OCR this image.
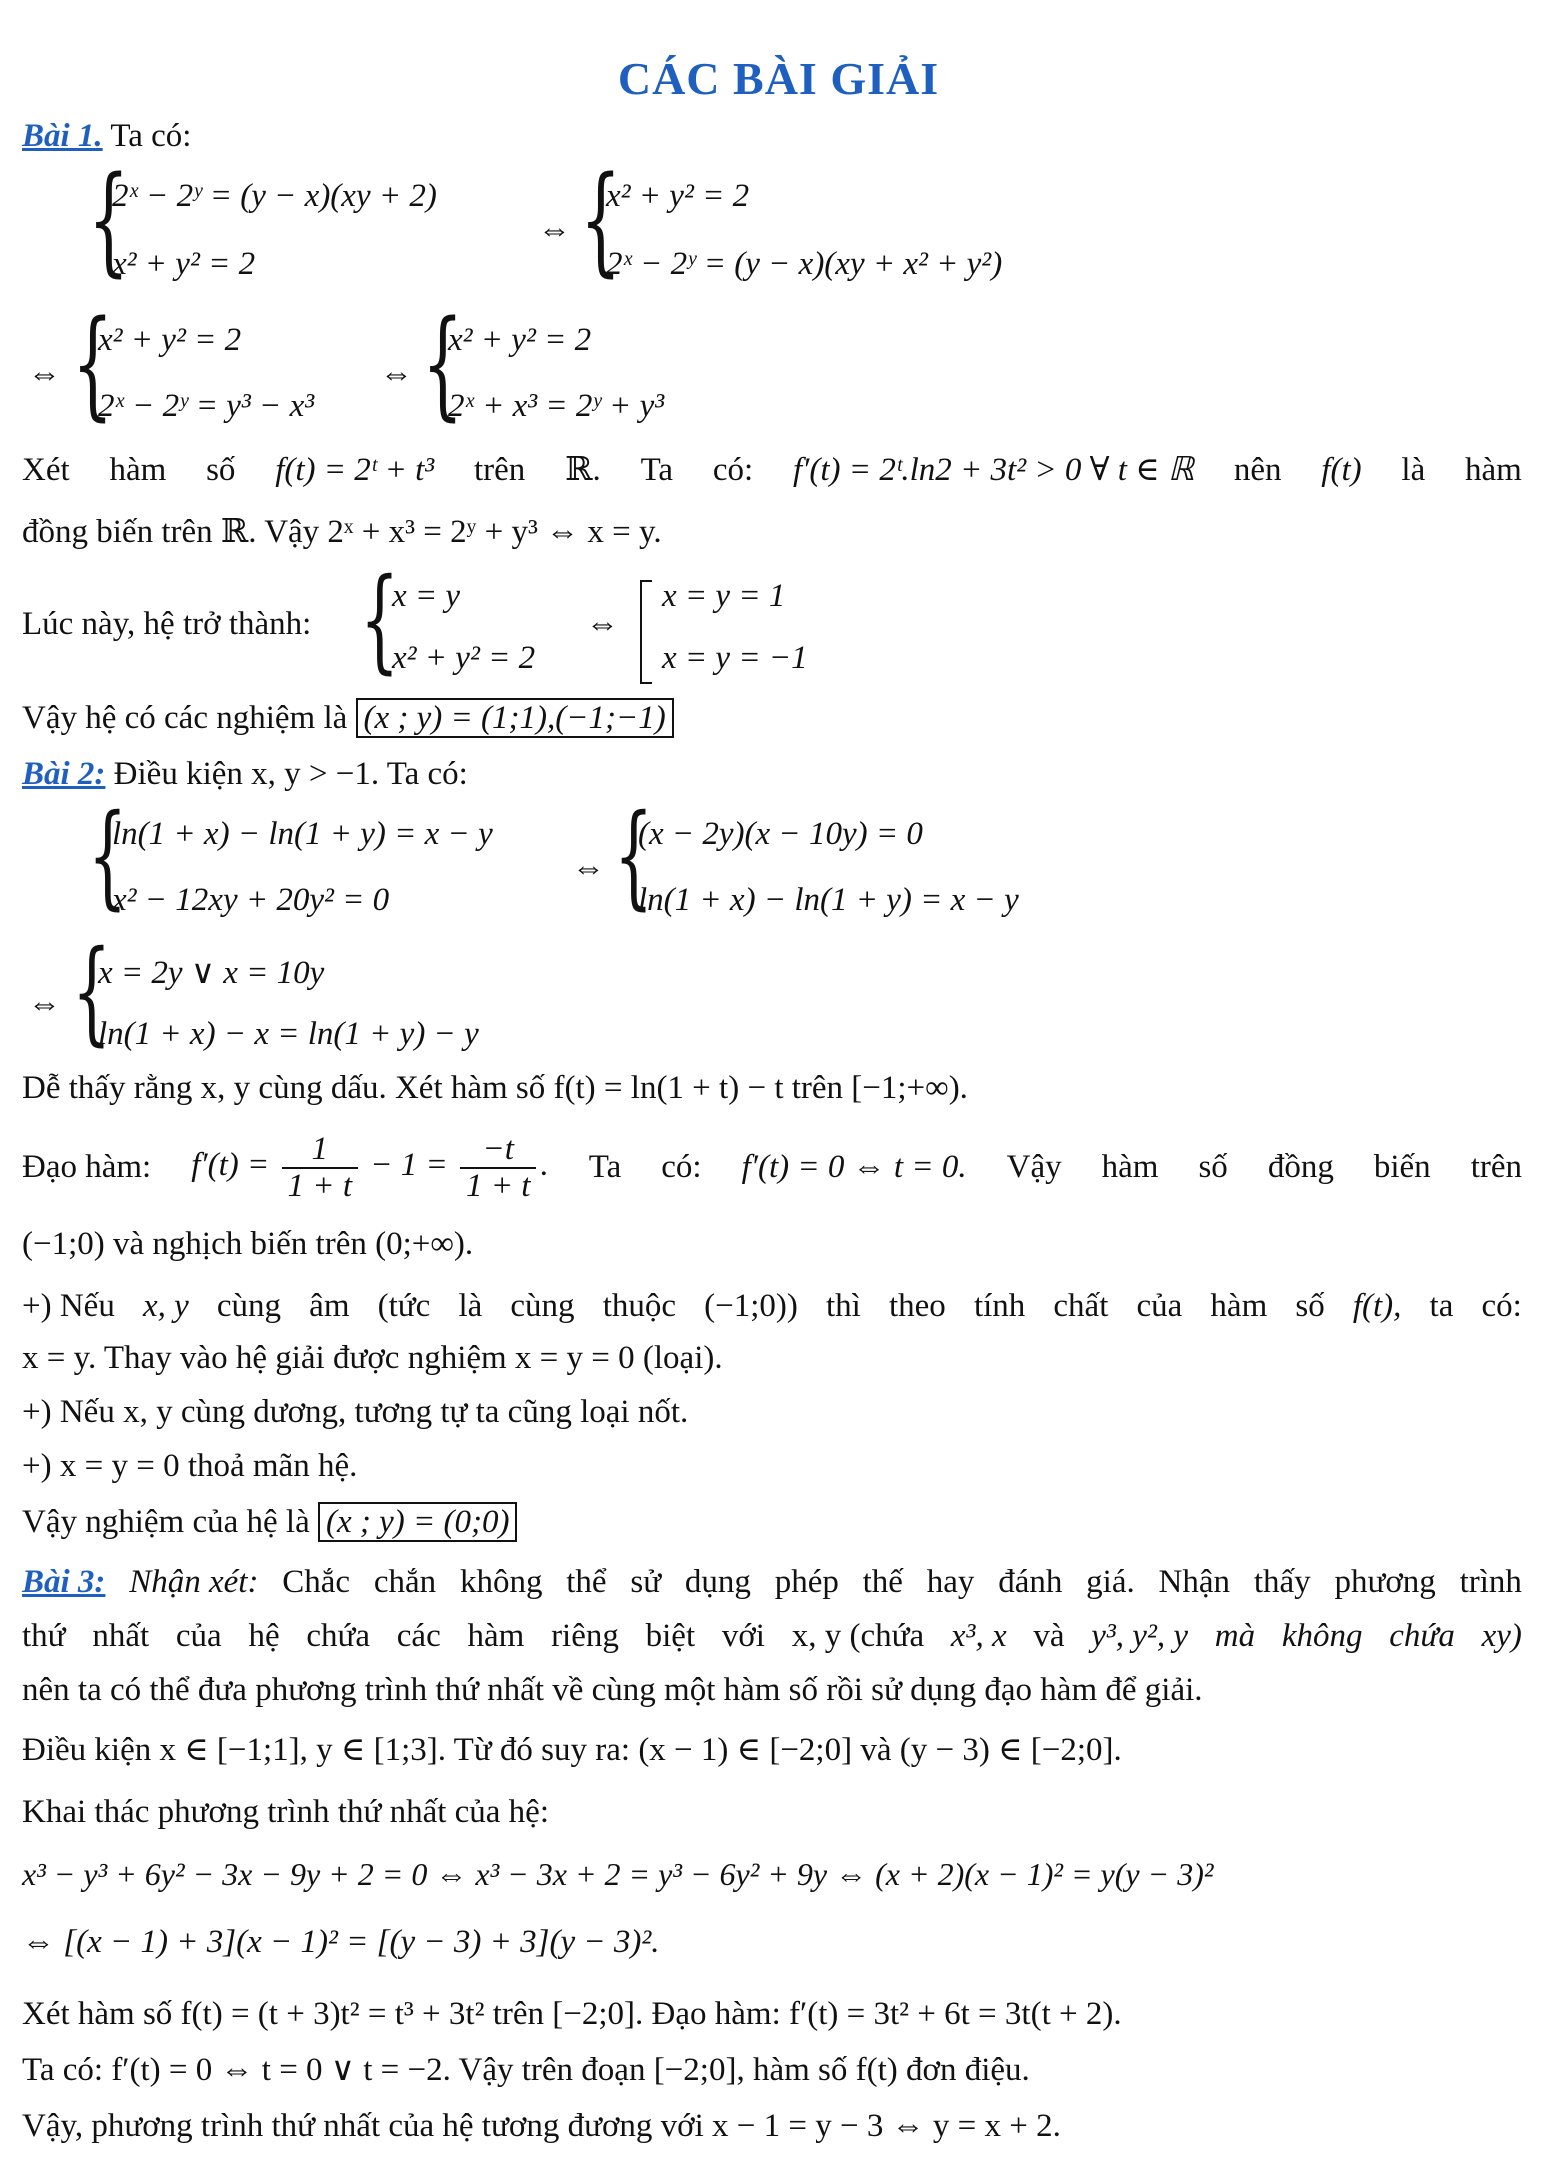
CÁC BÀI GIẢI
Bài 1. Ta có:
{
2ˣ − 2ʸ = (y − x)(xy + 2)
x² + y² = 2
⇔ {
x² + y² = 2
2ˣ − 2ʸ = (y − x)(xy + x² + y²)
⇔ {
x² + y² = 2
2ˣ − 2ʸ = y³ − x³
⇔ {
x² + y² = 2
2ˣ + x³ = 2ʸ + y³
Xét hàm số f(t) = 2ᵗ + t³ trên ℝ. Ta có: f′(t) = 2ᵗ.ln2 + 3t² > 0 ∀ t ∈ ℝ nên f(t) là hàm
đồng biến trên ℝ. Vậy 2ˣ + x³ = 2ʸ + y³ ⇔ x = y.
Lúc này, hệ trở thành: {
x = y
x² + y² = 2
⇔
x = y = 1
x = y = −1
Vậy hệ có các nghiệm là (x ; y) = (1;1),(−1;−1)
Bài 2: Điều kiện x, y > −1. Ta có:
{
ln(1 + x) − ln(1 + y) = x − y
x² − 12xy + 20y² = 0
⇔ {
(x − 2y)(x − 10y) = 0
ln(1 + x) − ln(1 + y) = x − y
⇔ {
x = 2y ∨ x = 10y
ln(1 + x) − x = ln(1 + y) − y
Dễ thấy rằng x, y cùng dấu. Xét hàm số f(t) = ln(1 + t) − t trên [−1;+∞).
Đạo hàm: $f'(t) = \frac{1}{1 + t} - 1 = \frac{-t}{1 + t}$ . Ta có: f′(t) = 0 ⇔ t = 0. Vậy hàm số đồng biến trên
(−1;0) và nghịch biến trên (0;+∞).
+) Nếu x, y cùng âm (tức là cùng thuộc (−1;0)) thì theo tính chất của hàm số f(t), ta có:
x = y. Thay vào hệ giải được nghiệm x = y = 0 (loại).
+) Nếu x, y cùng dương, tương tự ta cũng loại nốt.
+) x = y = 0 thoả mãn hệ.
Vậy nghiệm của hệ là (x ; y) = (0;0)
Bài 3: Nhận xét: Chắc chắn không thể sử dụng phép thế hay đánh giá. Nhận thấy phương trình
thứ nhất của hệ chứa các hàm riêng biệt với x, y (chứa x³, x và y³, y², y mà không chứa xy)
nên ta có thể đưa phương trình thứ nhất về cùng một hàm số rồi sử dụng đạo hàm để giải.
Điều kiện x ∈ [−1;1], y ∈ [1;3]. Từ đó suy ra: (x − 1) ∈ [−2;0] và (y − 3) ∈ [−2;0].
Khai thác phương trình thứ nhất của hệ:
x³ − y³ + 6y² − 3x − 9y + 2 = 0 ⇔ x³ − 3x + 2 = y³ − 6y² + 9y ⇔ (x + 2)(x − 1)² = y(y − 3)²
⇔ [(x − 1) + 3](x − 1)² = [(y − 3) + 3](y − 3)².
Xét hàm số f(t) = (t + 3)t² = t³ + 3t² trên [−2;0]. Đạo hàm: f′(t) = 3t² + 6t = 3t(t + 2).
Ta có: f′(t) = 0 ⇔ t = 0 ∨ t = −2. Vậy trên đoạn [−2;0], hàm số f(t) đơn điệu.
Vậy, phương trình thứ nhất của hệ tương đương với x − 1 = y − 3 ⇔ y = x + 2.
